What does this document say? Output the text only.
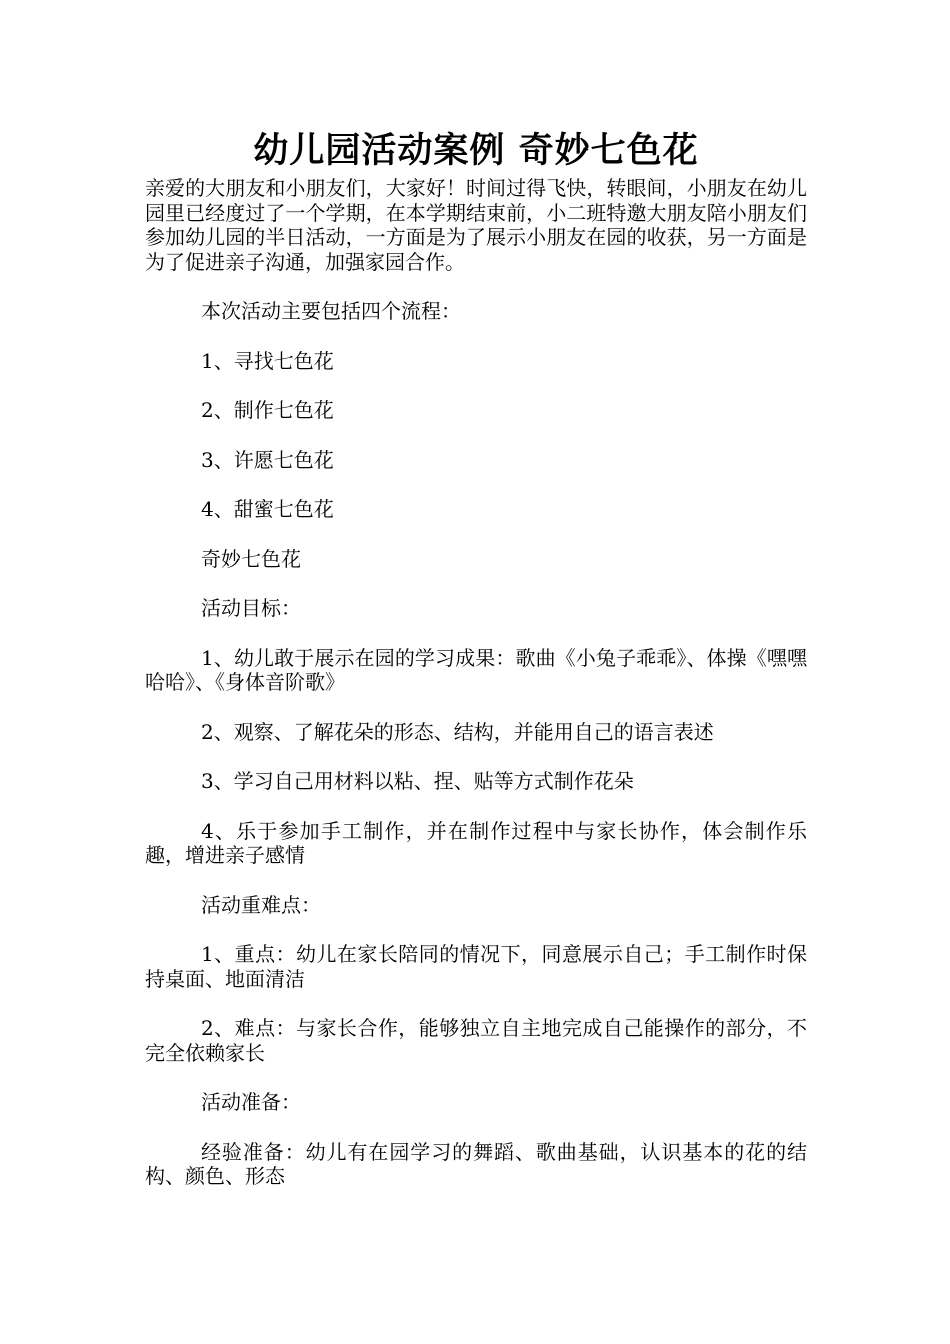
幼儿园活动案例 奇妙七色花

亲爱的大朋友和小朋友们，大家好！时间过得飞快，转眼间，小朋友在幼儿园里已经度过了一个学期，在本学期结束前，小二班特邀大朋友陪小朋友们参加幼儿园的半日活动，一方面是为了展示小朋友在园的收获，另一方面是为了促进亲子沟通，加强家园合作。

本次活动主要包括四个流程：

1、寻找七色花

2、制作七色花

3、许愿七色花

4、甜蜜七色花

奇妙七色花

活动目标：

1、幼儿敢于展示在园的学习成果：歌曲《小兔子乖乖》、体操《嘿嘿哈哈》、《身体音阶歌》

2、观察、了解花朵的形态、结构，并能用自己的语言表述

3、学习自己用材料以粘、捏、贴等方式制作花朵

4、乐于参加手工制作，并在制作过程中与家长协作，体会制作乐趣，增进亲子感情

活动重难点：

1、重点：幼儿在家长陪同的情况下，同意展示自己；手工制作时保持桌面、地面清洁

2、难点：与家长合作，能够独立自主地完成自己能操作的部分，不完全依赖家长

活动准备：

经验准备：幼儿有在园学习的舞蹈、歌曲基础，认识基本的花的结构、颜色、形态
